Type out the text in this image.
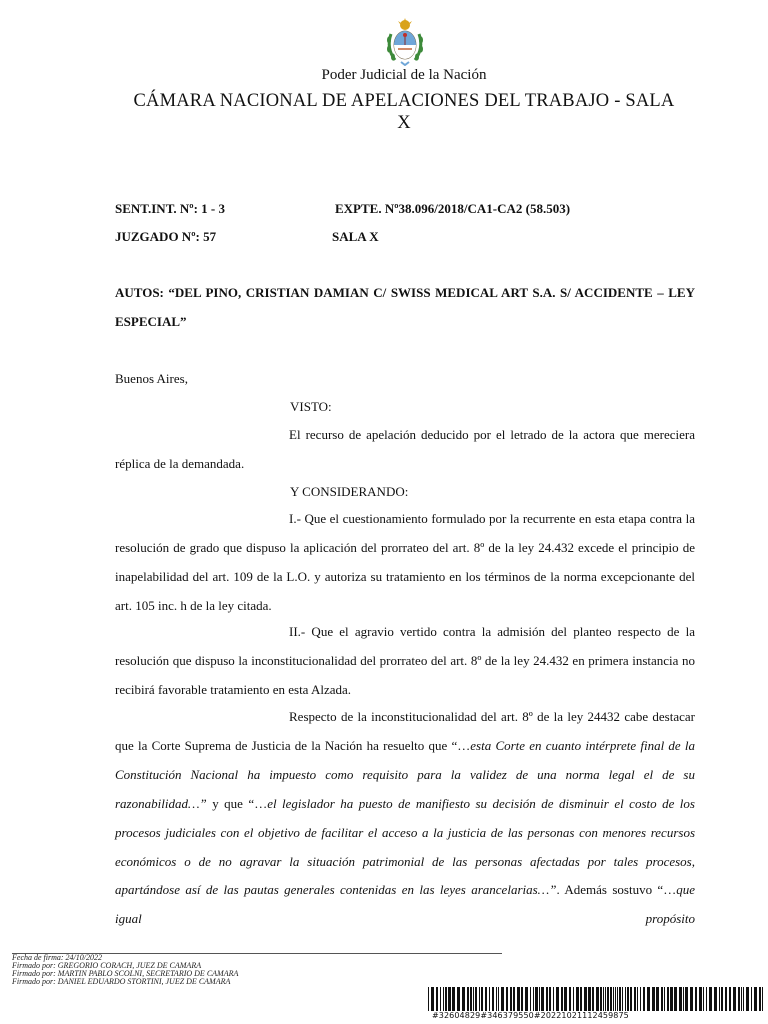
Poder Judicial de la Nación
CÁMARA NACIONAL DE APELACIONES DEL TRABAJO - SALA
X
SENT.INT. Nº: 1 - 3	EXPTE. Nº38.096/2018/CA1-CA2 (58.503)
JUZGADO Nº: 57	SALA X
AUTOS: “DEL PINO, CRISTIAN DAMIAN C/ SWISS MEDICAL ART S.A. S/ ACCIDENTE – LEY ESPECIAL”
Buenos Aires,
VISTO:
El recurso de apelación deducido por el letrado de la actora que mereciera réplica de la demandada.
Y CONSIDERANDO:
I.- Que el cuestionamiento formulado por la recurrente en esta etapa contra la resolución de grado que dispuso la aplicación del prorrateo del art. 8º de la ley 24.432 excede el principio de inapelabilidad del art. 109 de la L.O. y autoriza su tratamiento en los términos de la norma excepcionante del art. 105 inc. h de la ley citada.
II.- Que el agravio vertido contra la admisión del planteo respecto de la resolución que dispuso la inconstitucionalidad del prorrateo del art. 8º de la ley 24.432 en primera instancia no recibirá favorable tratamiento en esta Alzada.
Respecto de la inconstitucionalidad del art. 8º de la ley 24432 cabe destacar que la Corte Suprema de Justicia de la Nación ha resuelto que “…esta Corte en cuanto intérprete final de la Constitución Nacional ha impuesto como requisito para la validez de una norma legal el de su razonabilidad…” y que “…el legislador ha puesto de manifiesto su decisión de disminuir el costo de los procesos judiciales con el objetivo de facilitar el acceso a la justicia de las personas con menores recursos económicos o de no agravar la situación patrimonial de las personas afectadas por tales procesos, apartándose así de las pautas generales contenidas en las leyes arancelarias…”. Además sostuvo “…que igual propósito
Fecha de firma: 24/10/2022
Firmado por: GREGORIO CORACH, JUEZ DE CAMARA
Firmado por: MARTIN PABLO SCOLNI, SECRETARIO DE CAMARA
Firmado por: DANIEL EDUARDO STORTINI, JUEZ DE CAMARA
#32604829#346379550#20221021112459875
